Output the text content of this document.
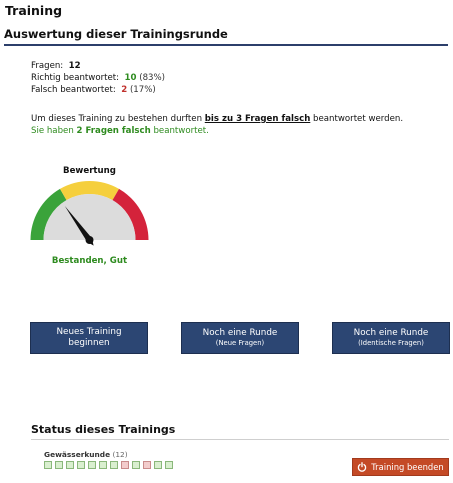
Training
Auswertung dieser Trainingsrunde
Fragen: 12
Richtig beantwortet: 10 (83%)
Falsch beantwortet: 2 (17%)
Um dieses Training zu bestehen durften bis zu 3 Fragen falsch beantwortet werden.
Sie haben 2 Fragen falsch beantwortet.
Bewertung
Bestanden, Gut
Neues Training
beginnen
Noch eine Runde
(Neue Fragen)
Noch eine Runde
(Identische Fragen)
Status dieses Trainings
Gewässerkunde (12)
Training beenden
